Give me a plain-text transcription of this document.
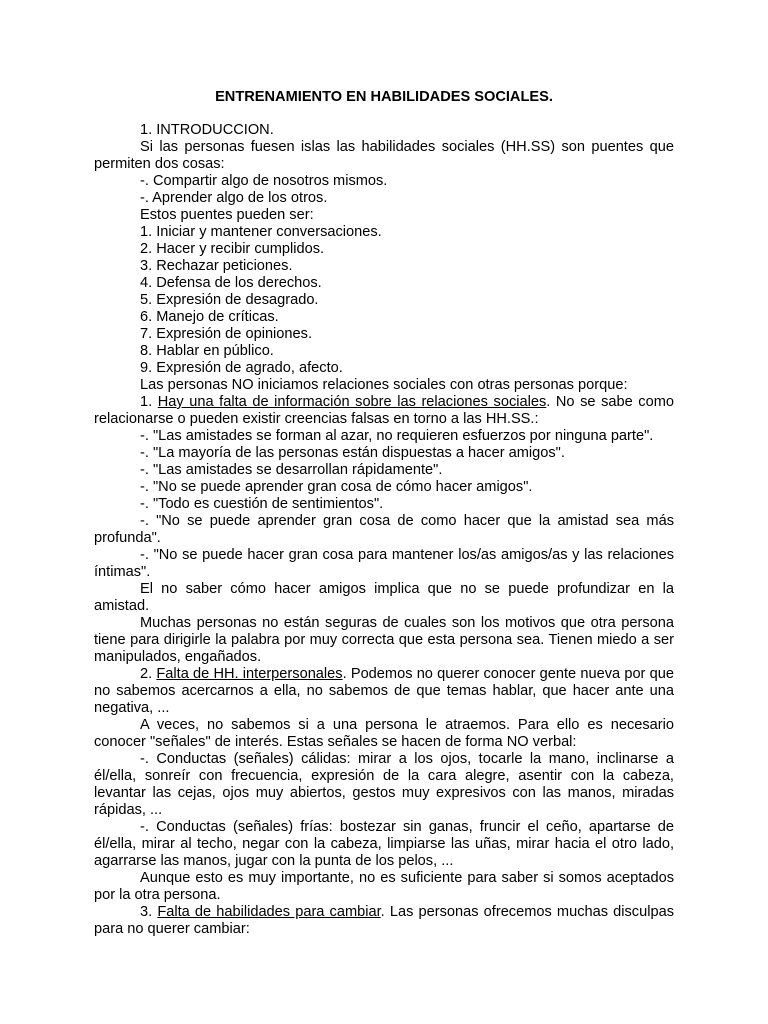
ENTRENAMIENTO EN HABILIDADES SOCIALES.

1. INTRODUCCION.

Si las personas fuesen islas las habilidades sociales (HH.SS) son puentes que permiten dos cosas:

-. Compartir algo de nosotros mismos.

-. Aprender algo de los otros.

Estos puentes pueden ser:

1. Iniciar y mantener conversaciones.

2. Hacer y recibir cumplidos.

3. Rechazar peticiones.

4. Defensa de los derechos.

5. Expresión de desagrado.

6. Manejo de críticas.

7. Expresión de opiniones.

8. Hablar en público.

9. Expresión de agrado, afecto.

Las personas NO iniciamos relaciones sociales con otras personas porque:

1. Hay una falta de información sobre las relaciones sociales. No se sabe como relacionarse o pueden existir creencias falsas en torno a las HH.SS.:

-. "Las amistades se forman al azar, no requieren esfuerzos por ninguna parte".

-. "La mayoría de las personas están dispuestas a hacer amigos".

-. "Las amistades se desarrollan rápidamente".

-. "No se puede aprender gran cosa de cómo hacer amigos".

-. "Todo es cuestión de sentimientos".

-. "No se puede aprender gran cosa de como hacer que la amistad sea más profunda".

-. "No se puede hacer gran cosa para mantener los/as amigos/as y las relaciones íntimas".

El no saber cómo hacer amigos implica que no se puede profundizar en la amistad.

Muchas personas no están seguras de cuales son los motivos que otra persona tiene para dirigirle la palabra por muy correcta que esta persona sea. Tienen miedo a ser manipulados, engañados.

2. Falta de HH. interpersonales. Podemos no querer conocer gente nueva por que no sabemos acercarnos a ella, no sabemos de que temas hablar, que hacer ante una negativa, ...

A veces, no sabemos si a una persona le atraemos. Para ello es necesario conocer "señales" de interés. Estas señales se hacen de forma NO verbal:

-. Conductas (señales) cálidas: mirar a los ojos, tocarle la mano, inclinarse a él/ella, sonreír con frecuencia, expresión de la cara alegre, asentir con la cabeza, levantar las cejas, ojos muy abiertos, gestos muy expresivos con las manos, miradas rápidas, ...

-. Conductas (señales) frías: bostezar sin ganas, fruncir el ceño, apartarse de él/ella, mirar al techo, negar con la cabeza, limpiarse las uñas, mirar hacia el otro lado, agarrarse las manos, jugar con la punta de los pelos, ...

Aunque esto es muy importante, no es suficiente para saber si somos aceptados por la otra persona.

3. Falta de habilidades para cambiar. Las personas ofrecemos muchas disculpas para no querer cambiar:
